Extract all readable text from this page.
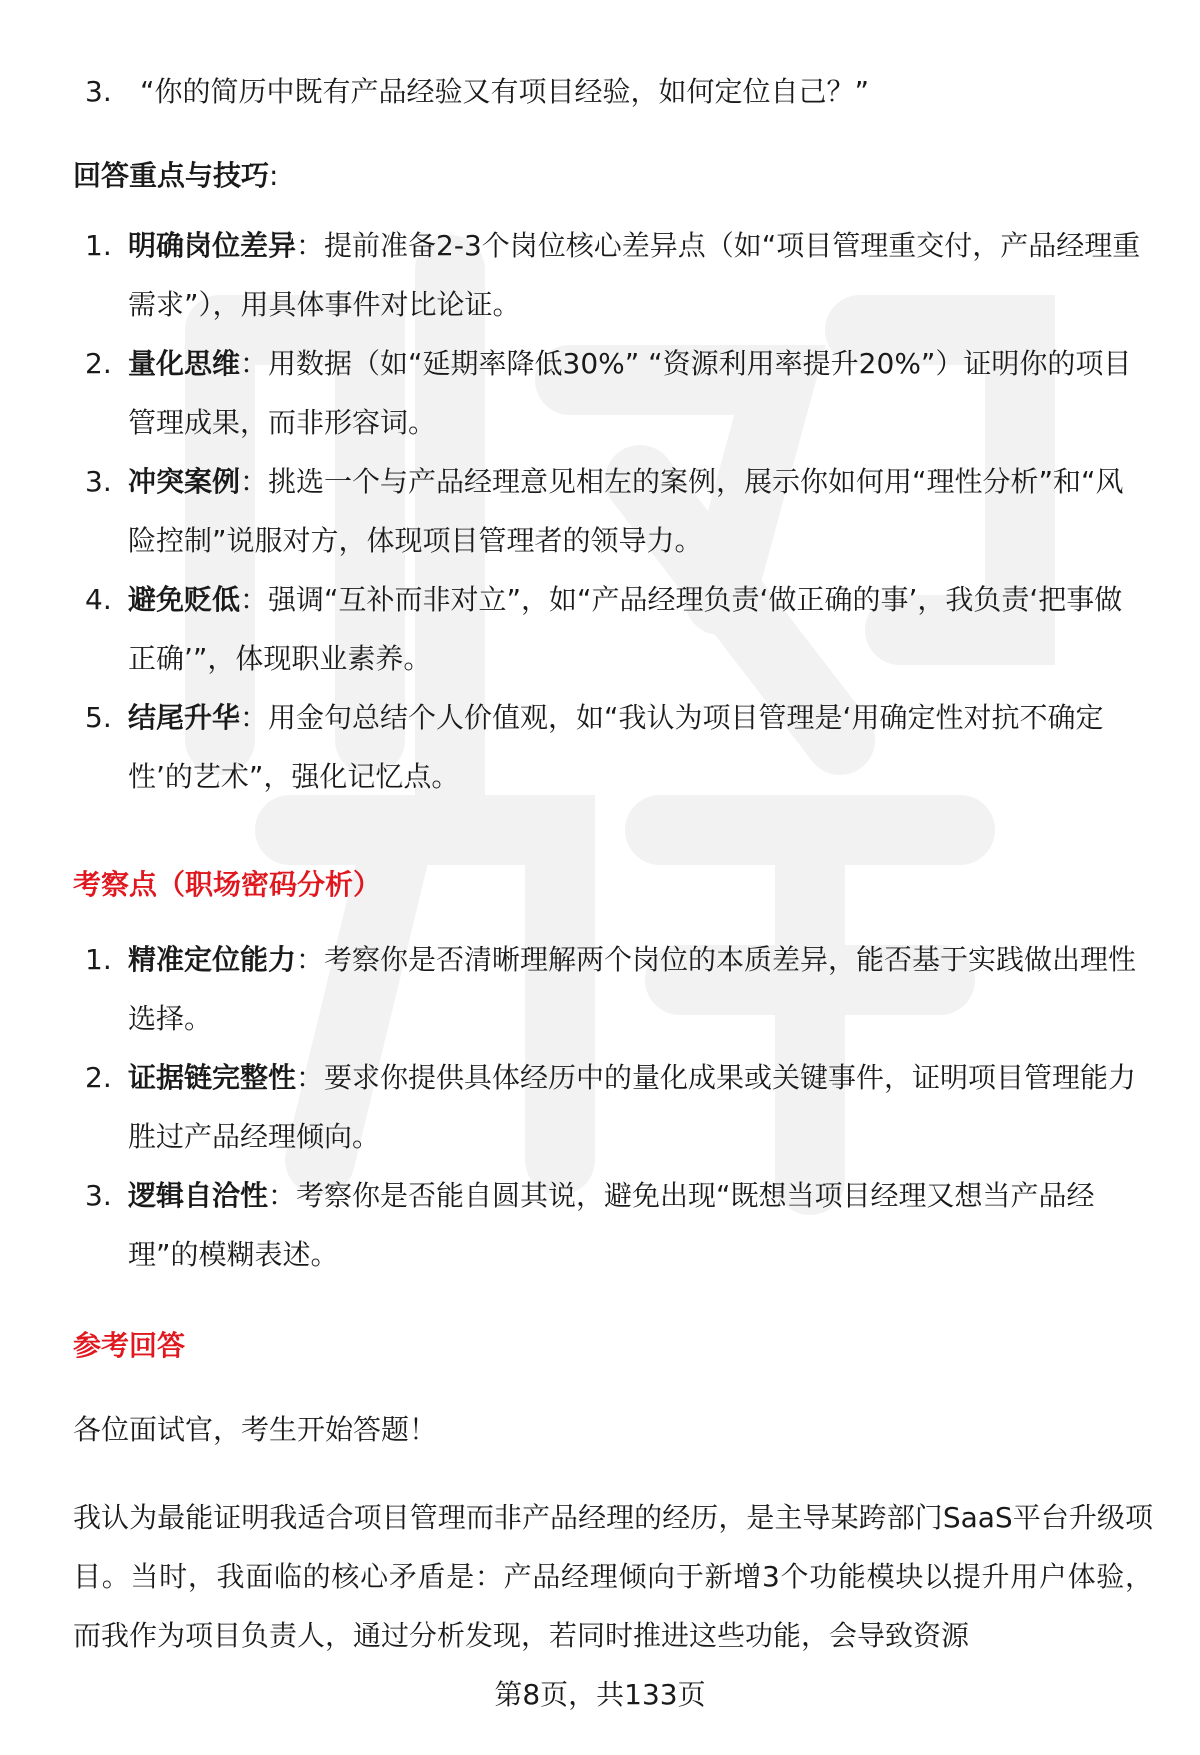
3. “你的简历中既有产品经验又有项目经验，如何定位自己？”
回答重点与技巧:
1. 明确岗位差异：提前准备2-3个岗位核心差异点（如“项目管理重交付，产品经理重需求”），用具体事件对比论证。
2. 量化思维：用数据（如“延期率降低30%” “资源利用率提升20%”）证明你的项目管理成果，而非形容词。
3. 冲突案例：挑选一个与产品经理意见相左的案例，展示你如何用“理性分析”和“风险控制”说服对方，体现项目管理者的领导力。
4. 避免贬低：强调“互补而非对立”，如“产品经理负责‘做正确的事’，我负责‘把事做正确’”，体现职业素养。
5. 结尾升华：用金句总结个人价值观，如“我认为项目管理是‘用确定性对抗不确定性’的艺术”，强化记忆点。
考察点（职场密码分析）
1. 精准定位能力：考察你是否清晰理解两个岗位的本质差异，能否基于实践做出理性选择。
2. 证据链完整性：要求你提供具体经历中的量化成果或关键事件，证明项目管理能力胜过产品经理倾向。
3. 逻辑自洽性：考察你是否能自圆其说，避免出现“既想当项目经理又想当产品经理”的模糊表述。
参考回答

各位面试官，考生开始答题！

我认为最能证明我适合项目管理而非产品经理的经历，是主导某跨部门SaaS平台升级项目。当时，我面临的核心矛盾是：产品经理倾向于新增3个功能模块以提升用户体验，而我作为项目负责人，通过分析发现，若同时推进这些功能，会导致资源

第8页，共133页
